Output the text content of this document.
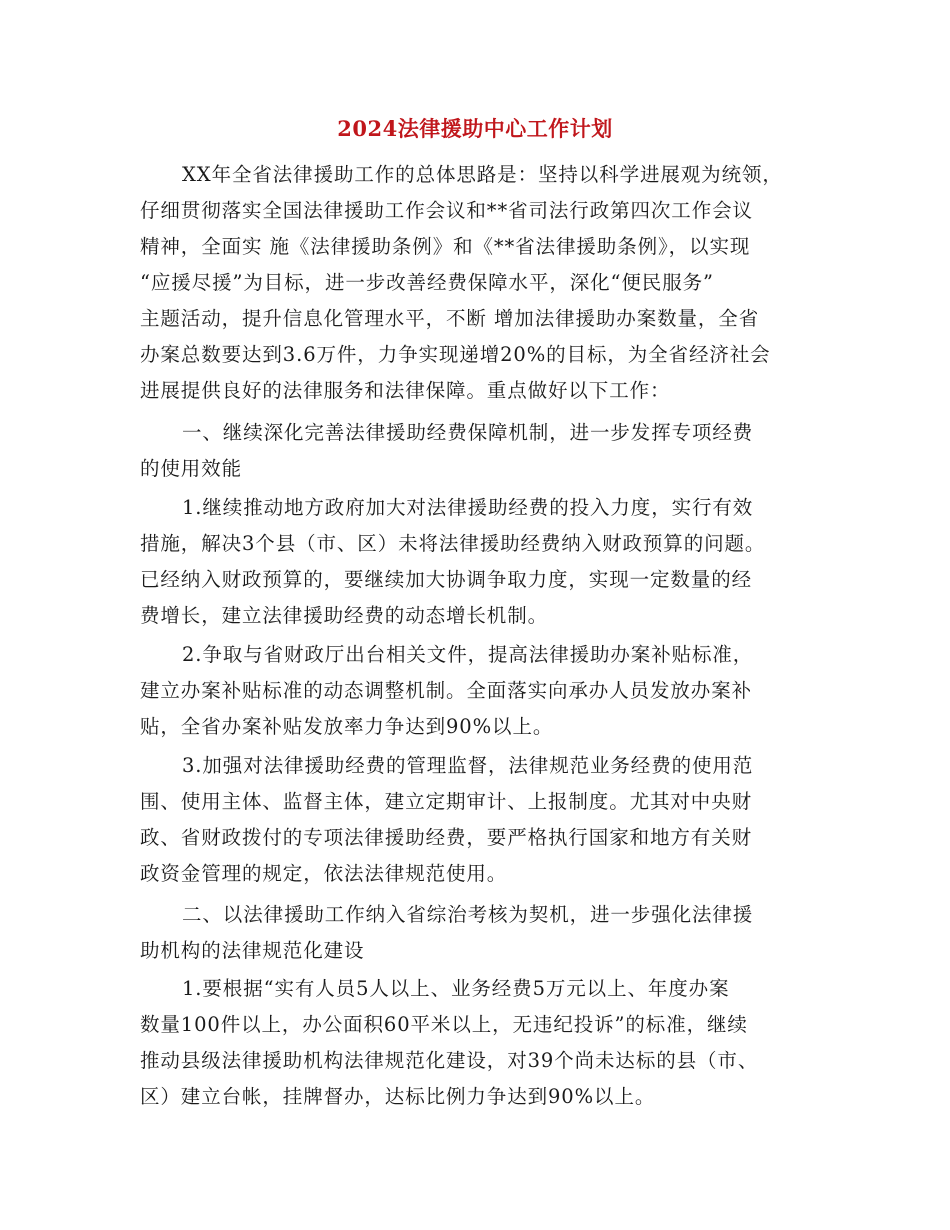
2024法律援助中心工作计划
XX年全省法律援助工作的总体思路是：坚持以科学进展观为统领，
仔细贯彻落实全国法律援助工作会议和**省司法行政第四次工作会议
精神，全面实 施《法律援助条例》和《**省法律援助条例》，以实现
“应援尽援”为目标，进一步改善经费保障水平，深化“便民服务”
主题活动，提升信息化管理水平，不断 增加法律援助办案数量，全省
办案总数要达到3.6万件，力争实现递增20%的目标，为全省经济社会
进展提供良好的法律服务和法律保障。重点做好以下工作：
一、继续深化完善法律援助经费保障机制，进一步发挥专项经费
的使用效能
1.继续推动地方政府加大对法律援助经费的投入力度，实行有效
措施，解决3个县（市、区）未将法律援助经费纳入财政预算的问题。
已经纳入财政预算的，要继续加大协调争取力度，实现一定数量的经
费增长，建立法律援助经费的动态增长机制。
2.争取与省财政厅出台相关文件，提高法律援助办案补贴标准，
建立办案补贴标准的动态调整机制。全面落实向承办人员发放办案补
贴，全省办案补贴发放率力争达到90%以上。
3.加强对法律援助经费的管理监督，法律规范业务经费的使用范
围、使用主体、监督主体，建立定期审计、上报制度。尤其对中央财
政、省财政拨付的专项法律援助经费，要严格执行国家和地方有关财
政资金管理的规定，依法法律规范使用。
二、以法律援助工作纳入省综治考核为契机，进一步强化法律援
助机构的法律规范化建设
1.要根据“实有人员5人以上、业务经费5万元以上、年度办案
数量100件以上，办公面积60平米以上，无违纪投诉”的标准，继续
推动县级法律援助机构法律规范化建设，对39个尚未达标的县（市、
区）建立台帐，挂牌督办，达标比例力争达到90%以上。
